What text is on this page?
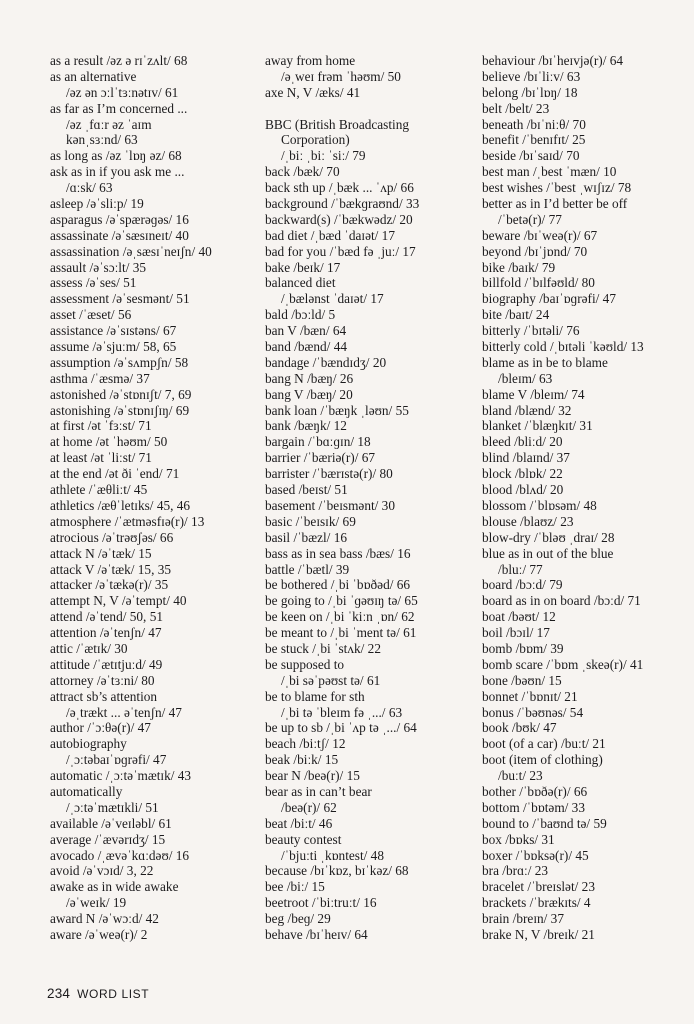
as a result /əz ə rɪˈzʌlt/ 68
as an alternative
/əz ən ɔːlˈtɜːnətɪv/ 61
as far as I’m concerned ...
/əz ˌfɑːr əz ˈaɪm
kənˌsɜːnd/ 63
as long as /əz ˈlɒŋ əz/ 68
ask as in if you ask me ...
/ɑːsk/ 63
asleep /əˈsliːp/ 19
asparagus /əˈspærəɡəs/ 16
assassinate /əˈsæsɪneɪt/ 40
assassination /əˌsæsɪˈneɪʃn/ 40
assault /əˈsɔːlt/ 35
assess /əˈses/ 51
assessment /əˈsesmənt/ 51
asset /ˈæset/ 56
assistance /əˈsɪstəns/ 67
assume /əˈsjuːm/ 58, 65
assumption /əˈsʌmpʃn/ 58
asthma /ˈæsmə/ 37
astonished /əˈstɒnɪʃt/ 7, 69
astonishing /əˈstɒnɪʃɪŋ/ 69
at first /ət ˈfɜːst/ 71
at home /ət ˈhəʊm/ 50
at least /ət ˈliːst/ 71
at the end /ət ði ˈend/ 71
athlete /ˈæθliːt/ 45
athletics /æθˈletɪks/ 45, 46
atmosphere /ˈætməsfɪə(r)/ 13
atrocious /əˈtrəʊʃəs/ 66
attack N /əˈtæk/ 15
attack V /əˈtæk/ 15, 35
attacker /əˈtækə(r)/ 35
attempt N, V /əˈtempt/ 40
attend /əˈtend/ 50, 51
attention /əˈtenʃn/ 47
attic /ˈætɪk/ 30
attitude /ˈætɪtjuːd/ 49
attorney /əˈtɜːni/ 80
attract sb’s attention
/əˌtrækt ... əˈtenʃn/ 47
author /ˈɔːθə(r)/ 47
autobiography
/ˌɔːtəbaɪˈɒɡrəfi/ 47
automatic /ˌɔːtəˈmætɪk/ 43
automatically
/ˌɔːtəˈmætɪkli/ 51
available /əˈveɪləbl/ 61
average /ˈævərɪdʒ/ 15
avocado /ˌævəˈkɑːdəʊ/ 16
avoid /əˈvɔɪd/ 3, 22
awake as in wide awake
/əˈweɪk/ 19
award N /əˈwɔːd/ 42
aware /əˈweə(r)/ 2
away from home
/əˌweɪ frəm ˈhəʊm/ 50
axe N, V /æks/ 41
BBC (British Broadcasting
Corporation)
/ˌbiː ˌbiː ˈsiː/ 79
back /bæk/ 70
back sth up /ˌbæk ... ˈʌp/ 66
background /ˈbækɡraʊnd/ 33
backward(s) /ˈbækwədz/ 20
bad diet /ˌbæd ˈdaɪət/ 17
bad for you /ˈbæd fə ˌjuː/ 17
bake /beɪk/ 17
balanced diet
/ˌbælənst ˈdaɪət/ 17
bald /bɔːld/ 5
ban V /bæn/ 64
band /bænd/ 44
bandage /ˈbændɪdʒ/ 20
bang N /bæŋ/ 26
bang V /bæŋ/ 20
bank loan /ˈbæŋk ˌləʊn/ 55
bank /bæŋk/ 12
bargain /ˈbɑːɡɪn/ 18
barrier /ˈbæriə(r)/ 67
barrister /ˈbærɪstə(r)/ 80
based /beɪst/ 51
basement /ˈbeɪsmənt/ 30
basic /ˈbeɪsɪk/ 69
basil /ˈbæzl/ 16
bass as in sea bass /bæs/ 16
battle /ˈbætl/ 39
be bothered /ˌbi ˈbɒðəd/ 66
be going to /ˌbi ˈɡəʊɪŋ tə/ 65
be keen on /ˌbi ˈkiːn ˌɒn/ 62
be meant to /ˌbi ˈment tə/ 61
be stuck /ˌbi ˈstʌk/ 22
be supposed to
/ˌbi səˈpəʊst tə/ 61
be to blame for sth
/ˌbi tə ˈbleɪm fə ˌ.../ 63
be up to sb /ˌbi ˈʌp tə ˌ.../ 64
beach /biːtʃ/ 12
beak /biːk/ 15
bear N /beə(r)/ 15
bear as in can’t bear
/beə(r)/ 62
beat /biːt/ 46
beauty contest
/ˈbjuːti ˌkɒntest/ 48
because /bɪˈkɒz, bɪˈkəz/ 68
bee /biː/ 15
beetroot /ˈbiːtruːt/ 16
beg /beɡ/ 29
behave /bɪˈheɪv/ 64
behaviour /bɪˈheɪvjə(r)/ 64
believe /bɪˈliːv/ 63
belong /bɪˈlɒŋ/ 18
belt /belt/ 23
beneath /bɪˈniːθ/ 70
benefit /ˈbenɪfɪt/ 25
beside /bɪˈsaɪd/ 70
best man /ˌbest ˈmæn/ 10
best wishes /ˈbest ˌwɪʃɪz/ 78
better as in I’d better be off
/ˈbetə(r)/ 77
beware /bɪˈweə(r)/ 67
beyond /bɪˈjɒnd/ 70
bike /baɪk/ 79
billfold /ˈbɪlfəʊld/ 80
biography /baɪˈɒɡrəfi/ 47
bite /baɪt/ 24
bitterly /ˈbɪtəli/ 76
bitterly cold /ˌbɪtəli ˈkəʊld/ 13
blame as in be to blame
/bleɪm/ 63
blame V /bleɪm/ 74
bland /blænd/ 32
blanket /ˈblæŋkɪt/ 31
bleed /bliːd/ 20
blind /blaɪnd/ 37
block /blɒk/ 22
blood /blʌd/ 20
blossom /ˈblɒsəm/ 48
blouse /blaʊz/ 23
blow-dry /ˈbləʊ ˌdraɪ/ 28
blue as in out of the blue
/bluː/ 77
board /bɔːd/ 79
board as in on board /bɔːd/ 71
boat /bəʊt/ 12
boil /bɔɪl/ 17
bomb /bɒm/ 39
bomb scare /ˈbɒm ˌskeə(r)/ 41
bone /bəʊn/ 15
bonnet /ˈbɒnɪt/ 21
bonus /ˈbəʊnəs/ 54
book /bʊk/ 47
boot (of a car) /buːt/ 21
boot (item of clothing)
/buːt/ 23
bother /ˈbɒðə(r)/ 66
bottom /ˈbɒtəm/ 33
bound to /ˈbaʊnd tə/ 59
box /bɒks/ 31
boxer /ˈbɒksə(r)/ 45
bra /brɑː/ 23
bracelet /ˈbreɪslət/ 23
brackets /ˈbrækɪts/ 4
brain /breɪn/ 37
brake N, V /breɪk/ 21
234 WORD LIST
